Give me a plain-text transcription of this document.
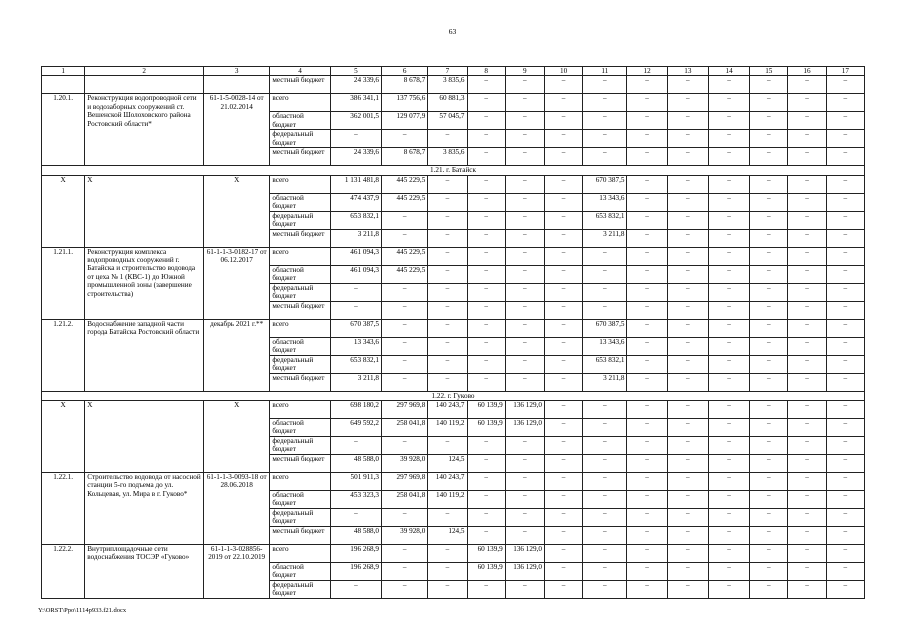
63
1	2	3	4	5	6	7	8	9	10	11	12	13	14	15	16	17
			местный бюджет	24 339,6	8 678,7	3 835,6	–	–	–	–	–	–	–	–	–	–
1.20.1.	Реконструкция водопроводной сети и водозаборных сооружений ст. Вешенской Шолоховского района Ростовский области*	61-1-5-0028-14 от 21.02.2014	всего	386 341,1	137 756,6	60 881,3	–	–	–	–	–	–	–	–	–	–
			областной бюджет	362 001,5	129 077,9	57 045,7	–	–	–	–	–	–	–	–	–	–
			федеральный бюджет	–	–	–	–	–	–	–	–	–	–	–	–	–
			местный бюджет	24 339,6	8 678,7	3 835,6	–	–	–	–	–	–	–	–	–	–
1.21. г. Батайск																
X	X	X	всего	1 131 481,8	445 229,5	–	–	–	–	670 387,5	–	–	–	–	–	–
			областной бюджет	474 437,9	445 229,5	–	–	–	–	13 343,6	–	–	–	–	–	–
			федеральный бюджет	653 832,1	–	–	–	–	–	653 832,1	–	–	–	–	–	–
			местный бюджет	3 211,8	–	–	–	–	–	3 211,8	–	–	–	–	–	–
1.21.1.	Реконструкция комплекса водопроводных сооружений г. Батайска и строительство водовода от цеха № 1 (КВС-1) до Южной промышленной зоны (завершение строительства)	61-1-1-3-0182-17 от 06.12.2017	всего	461 094,3	445 229,5	–	–	–	–	–	–	–	–	–	–	–
			областной бюджет	461 094,3	445 229,5	–	–	–	–	–	–	–	–	–	–	–
			федеральный бюджет	–	–	–	–	–	–	–	–	–	–	–	–	–
			местный бюджет	–	–	–	–	–	–	–	–	–	–	–	–	–
1.21.2.	Водоснабжение западной части города Батайска Ростовский области	декабрь 2021 г.**	всего	670 387,5	–	–	–	–	–	670 387,5	–	–	–	–	–	–
			областной бюджет	13 343,6	–	–	–	–	–	13 343,6	–	–	–	–	–	–
			федеральный бюджет	653 832,1	–	–	–	–	–	653 832,1	–	–	–	–	–	–
			местный бюджет	3 211,8	–	–	–	–	–	3 211,8	–	–	–	–	–	–
1.22. г. Гуково																
X	X	X	всего	698 180,2	297 969,8	140 243,7	60 139,9	136 129,0	–	–	–	–	–	–	–	–
			областной бюджет	649 592,2	258 041,8	140 119,2	60 139,9	136 129,0	–	–	–	–	–	–	–	–
			федеральный бюджет	–	–	–	–	–	–	–	–	–	–	–	–	–
			местный бюджет	48 588,0	39 928,0	124,5	–	–	–	–	–	–	–	–	–	–
1.22.1.	Строительство водовода от насосной станции 5-го подъема до ул. Кольцевая, ул. Мира в г. Гуково*	61-1-1-3-0093-18 от 28.06.2018	всего	501 911,3	297 969,8	140 243,7	–	–	–	–	–	–	–	–	–	–
			областной бюджет	453 323,3	258 041,8	140 119,2	–	–	–	–	–	–	–	–	–	–
			федеральный бюджет	–	–	–	–	–	–	–	–	–	–	–	–	–
			местный бюджет	48 588,0	39 928,0	124,5	–	–	–	–	–	–	–	–	–	–
1.22.2.	Внутриплощадочные сети водоснабжения ТОСЭР «Гуково»	61-1-1-3-028856-2019 от 22.10.2019	всего	196 268,9	–	–	60 139,9	136 129,0	–	–	–	–	–	–	–	–
			областной бюджет	196 268,9	–	–	60 139,9	136 129,0	–	–	–	–	–	–	–	–
			федеральный бюджет	–	–	–	–	–	–	–	–	–	–	–	–	–
Y:\ORST\Ppo\1114p933.f21.docx
